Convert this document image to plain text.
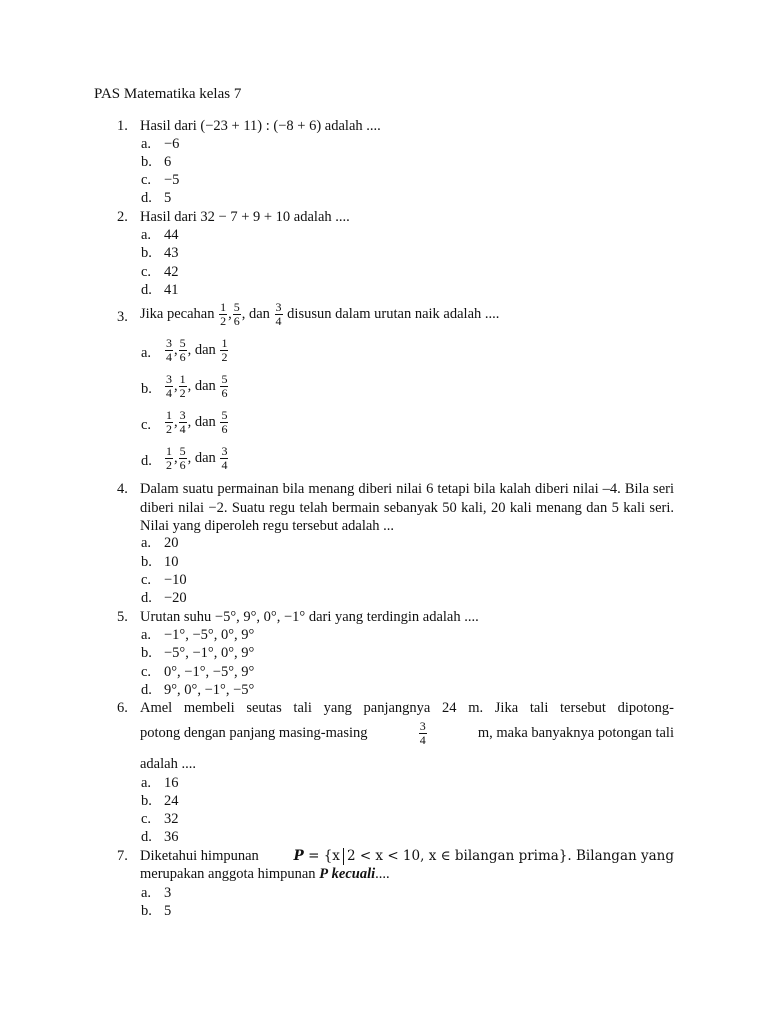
PAS Matematika kelas 7
1. Hasil dari (−23 + 11) : (−8 + 6) adalah ....
a. −6
b. 6
c. −5
d. 5
2. Hasil dari 32 − 7 + 9 + 10 adalah ....
a. 44
b. 43
c. 42
d. 41
3. Jika pecahan $\frac{1}{2}$ , $\frac{5}{6}$ , dan $\frac{3}{4}$ disusun dalam urutan naik adalah ....
a.	$\frac{3}{4}$ , $\frac{5}{6}$ , dan $\frac{1}{2}$
b.	$\frac{3}{4}$ , $\frac{1}{2}$ , dan $\frac{5}{6}$
c.	$\frac{1}{2}$ , $\frac{3}{4}$ , dan $\frac{5}{6}$
d.	$\frac{1}{2}$ , $\frac{5}{6}$ , dan $\frac{3}{4}$
4. Dalam suatu permainan bila menang diberi nilai 6 tetapi bila kalah diberi nilai –4. Bila seri diberi nilai −2. Suatu regu telah bermain sebanyak 50 kali, 20 kali menang dan 5 kali seri. Nilai yang diperoleh regu tersebut adalah ...
a. 20
b. 10
c. −10
d. −20
5. Urutan suhu −5°, 9°, 0°, −1° dari yang terdingin adalah ....
a. −1°, −5°, 0°, 9°
b. −5°, −1°, 0°, 9°
c. 0°, −1°, −5°, 9°
d. 9°, 0°, −1°, −5°
6. Amel membeli seutas tali yang panjangnya 24 m. Jika tali tersebut dipotong-
potong dengan panjang masing-masing	$\frac{3}{4}$	m, maka banyaknya potongan tali
adalah ....
a. 16
b. 24
c. 32
d. 36
7. Diketahui himpunan	P = {x 2 < x < 10, x ∈ bilangan prima}. Bilangan yang
merupakan anggota himpunan P kecuali....
a. 3
b. 5
